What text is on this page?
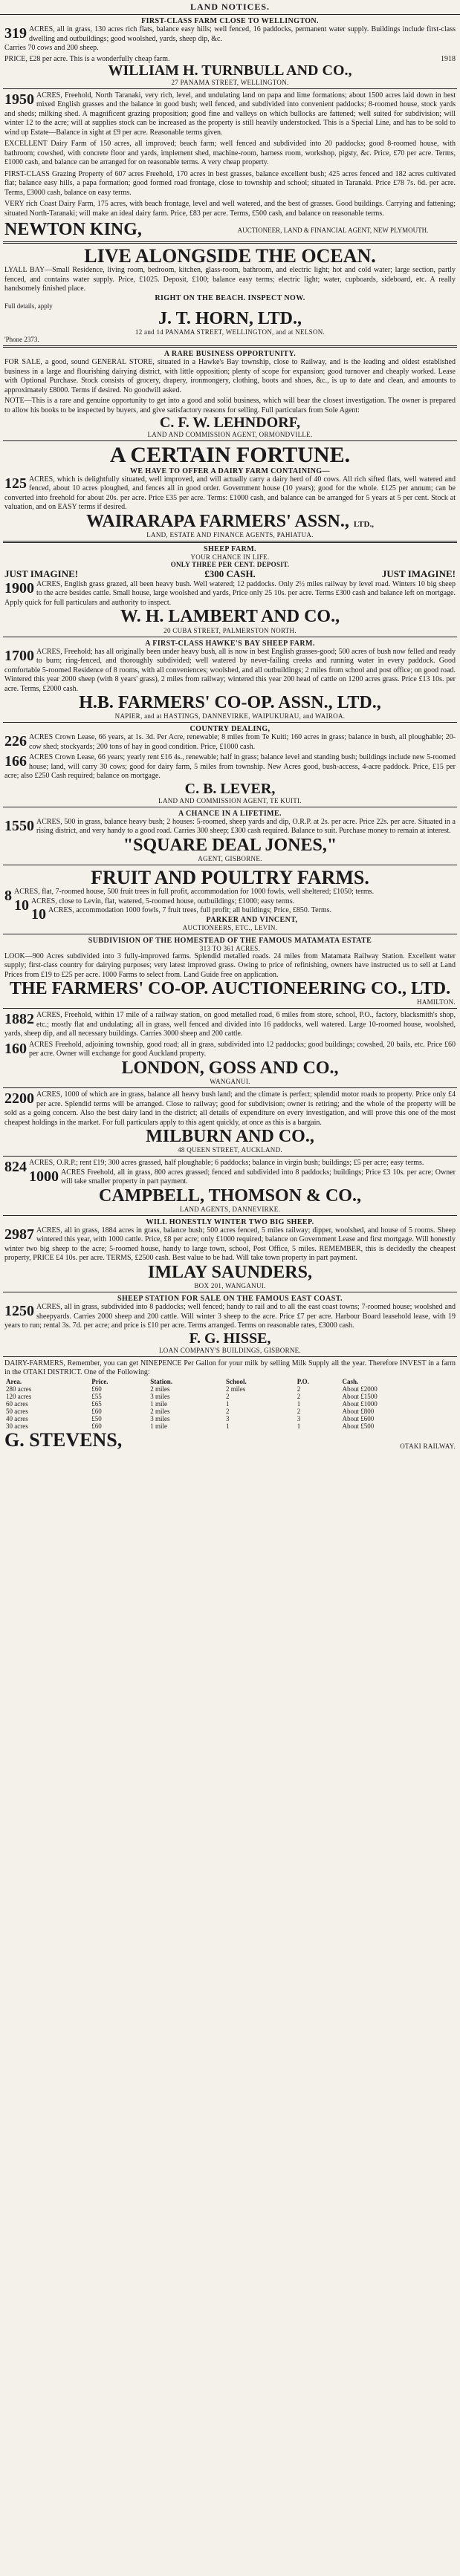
LAND NOTICES.
FIRST-CLASS FARM CLOSE TO WELLINGTON.
319 ACRES, all in grass, 130 acres rich flats, balance easy hills; well fenced, 16 paddocks, permanent water supply. Buildings include first-class dwelling and outbuildings; good woolshed, yards, sheep dip, &c.
Carries 70 cows and 200 sheep.
PRICE, £28 per acre. This is a wonderfully cheap farm.	1918
WILLIAM H. TURNBULL AND CO.,
27 PANAMA STREET, WELLINGTON.
1950 ACRES, Freehold, North Taranaki, very rich, level, and undulating land on papa and lime formations; about 1500 acres laid down in best mixed English grasses and the balance in good bush; well fenced, and subdivided into convenient paddocks; 8-roomed house, stock yards and sheds; milking shed. A magnificent grazing proposition; good fine and valleys on which bullocks are fattened; well suited for subdivision; will winter 12 to the acre; will at supplies stock can be increased as the property is still heavily understocked. This is a Special Line, and has to be sold to wind up Estate—Balance in sight at £9 per acre. Reasonable terms given.
EXCELLENT Dairy Farm of 150 acres, all improved; beach farm; well fenced and subdivided into 20 paddocks; good 8-roomed house, with bathroom; cowshed, with concrete floor and yards, implement shed, machine-room, harness room, workshop, pigsty, &c. Price, £70 per acre. Terms, £1000 cash, and balance can be arranged for on reasonable terms. A very cheap property.
FIRST-CLASS Grazing Property of 607 acres Freehold, 170 acres in best grasses, balance excellent bush; 425 acres fenced and 182 acres cultivated flat; balance easy hills, a papa formation; good formed road frontage, close to township and school; situated in Taranaki. Price £78 7s. 6d. per acre. Terms, £3000 cash, balance on easy terms.
VERY rich Coast Dairy Farm, 175 acres, with beach frontage, level and well watered, and the best of grasses. Good buildings. Carrying and fattening; situated North-Taranaki; will make an ideal dairy farm. Price, £83 per acre. Terms, £500 cash, and balance on reasonable terms.
NEWTON KING,	AUCTIONEER, LAND & FINANCIAL AGENT, NEW PLYMOUTH.
LIVE ALONGSIDE THE OCEAN.
LYALL BAY—Small Residence, living room, bedroom, kitchen, glass-room, bathroom, and electric light; hot and cold water; large section, partly fenced, and contains water supply. Price, £1025. Deposit, £100; balance easy terms; electric light; water, cupboards, sideboard, etc. A really handsomely finished place.
RIGHT ON THE BEACH. INSPECT NOW.
Full details, apply
J. T. HORN, LTD.,
12 and 14 PANAMA STREET, WELLINGTON, and at NELSON.
'Phone 2373.
A RARE BUSINESS OPPORTUNITY.
FOR SALE, a good, sound GENERAL STORE, situated in a Hawke's Bay township, close to Railway, and is the leading and oldest established business in a large and flourishing dairying district, with little opposition; plenty of scope for expansion; good turnover and cheaply worked. Lease with Optional Purchase. Stock consists of grocery, drapery, ironmongery, clothing, boots and shoes, &c., is up to date and clean, and amounts to approximately £8000. Terms if desired. No goodwill asked.
NOTE—This is a rare and genuine opportunity to get into a good and solid business, which will bear the closest investigation. The owner is prepared to allow his books to be inspected by buyers, and give satisfactory reasons for selling. Full particulars from Sole Agent:
C. F. W. LEHNDORF,
LAND AND COMMISSION AGENT, ORMONDVILLE.
A CERTAIN FORTUNE.
WE HAVE TO OFFER A DAIRY FARM CONTAINING—
125 ACRES, which is delightfully situated, well improved, and will actually carry a dairy herd of 40 cows. All rich sifted flats, well watered and fenced, about 10 acres ploughed, and fences all in good order. Government house (10 years); good for the whole. £125 per annum; can be converted into freehold for about 20s. per acre. Price £35 per acre. Terms: £1000 cash, and balance can be arranged for 5 years at 5 per cent. Stock at valuation, and on EASY terms if desired.
WAIRARAPA FARMERS' ASSN., LTD.,
LAND, ESTATE AND FINANCE AGENTS, PAHIATUA.
SHEEP FARM.
YOUR CHANCE IN LIFE.
ONLY THREE PER CENT. DEPOSIT.
JUST IMAGINE!	£300 CASH.	JUST IMAGINE!
1900 ACRES, English grass grazed, all been heavy bush. Well watered; 12 paddocks. Only 2½ miles railway by level road. Winters 10 big sheep to the acre besides cattle. Small house, large woolshed and yards, Price only 25 10s. per acre. Terms £300 cash and balance left on mortgage. Apply quick for full particulars and authority to inspect.
W. H. LAMBERT AND CO.,
20 CUBA STREET, PALMERSTON NORTH.
A FIRST-CLASS HAWKE'S BAY SHEEP FARM.
1700 ACRES, Freehold; has all originally been under heavy bush, all is now in best English grasses-good; 500 acres of bush now felled and ready to burn; ring-fenced, and thoroughly subdivided; well watered by never-failing creeks and running water in every paddock. Good comfortable 5-roomed Residence of 8 rooms, with all conveniences; woolshed, and all outbuildings; 2 miles from school and post office; on good road. Wintered this year 2000 sheep (with 8 years' grass), 2 miles from railway; wintered this year 200 head of cattle on 1200 acres grass. Price £13 10s. per acre. Terms, £2000 cash.
H.B. FARMERS' CO-OP. ASSN., LTD.,
NAPIER, and at HASTINGS, DANNEVIRKE, WAIPUKURAU, and WAIROA.
COUNTRY DEALING,
226 ACRES Crown Lease, 66 years, at 1s. 3d. Per Acre, renewable; 8 miles from Te Kuiti; 160 acres in grass; balance in bush, all ploughable; 20-cow shed; stockyards; 200 tons of hay in good condition. Price, £1000 cash.
166 ACRES Crown Lease, 66 years; yearly rent £16 4s., renewable; half in grass; balance level and standing bush; buildings include new 5-roomed house; land, will carry 30 cows; good for dairy farm, 5 miles from township. New Acres good, bush-access, 4-acre paddock. Price, £15 per acre; also £250 Cash required; balance on mortgage.
C. B. LEVER,
LAND AND COMMISSION AGENT, TE KUITI.
A CHANCE IN A LIFETIME.
1550 ACRES, 500 in grass, balance heavy bush; 2 houses: 5-roomed, sheep yards and dip, O.R.P. at 2s. per acre. Price 22s. per acre. Situated in a rising district, and very handy to a good road. Carries 300 sheep; £300 cash required. Balance to suit. Purchase money to remain at interest.
"SQUARE DEAL JONES,"
AGENT, GISBORNE.
FRUIT AND POULTRY FARMS.
8 ACRES, flat, 7-roomed house, 500 fruit trees in full profit, accommodation for 1000 fowls, well sheltered; £1050; terms.
10 ACRES, close to Levin, flat, watered, 5-roomed house, outbuildings; £1000; easy terms.
10 ACRES, accommodation 1000 fowls, 7 fruit trees, full profit; all buildings; Price, £850. Terms.
PARKER AND VINCENT,
AUCTIONEERS, ETC., LEVIN.
SUBDIVISION OF THE HOMESTEAD OF THE FAMOUS MATAMATA ESTATE
313 TO 361 ACRES.
LOOK—900 Acres subdivided into 3 fully-improved farms. Splendid metalled roads. 24 miles from Matamata Railway Station. Excellent water supply; first-class country for dairying purposes; very latest improved grass. Owing to price of refinishing, owners have instructed us to sell at Land Prices from £19 to £25 per acre. 1000 Farms to select from. Land Guide free on application.
THE FARMERS' CO-OP. AUCTIONEERING CO., LTD.
HAMILTON.
1882 ACRES, Freehold, within 17 mile of a railway station, on good metalled road, 6 miles from store, school, P.O., factory, blacksmith's shop, etc.; mostly flat and undulating; all in grass, well fenced and divided into 16 paddocks, well watered. Large 10-roomed house, woolshed, yards, sheep dip, and all necessary buildings. Carries 3000 sheep and 200 cattle.
160 ACRES Freehold, adjoining township, good road; all in grass, subdivided into 12 paddocks; good buildings; cowshed, 20 bails, etc. Price £60 per acre. Owner will exchange for good Auckland property.
LONDON, GOSS AND CO.,
WANGANUI.
2200 ACRES, 1000 of which are in grass, balance all heavy bush land; and the climate is perfect; splendid motor roads to property. Price only £4 per acre. Splendid terms will be arranged. Close to railway; good for subdivision; owner is retiring; and the whole of the property will be sold as a going concern. Also the best dairy land in the district; all details of expenditure on every investigation, and will prove this one of the most cheapest holdings in the market. For full particulars apply to this agent quickly, at once as this is a bargain.
MILBURN AND CO.,
48 QUEEN STREET, AUCKLAND.
824 ACRES, O.R.P.; rent £19; 300 acres grassed, half ploughable; 6 paddocks; balance in virgin bush; buildings; £5 per acre; easy terms.
1000 ACRES Freehold, all in grass, 800 acres grassed; fenced and subdivided into 8 paddocks; buildings; Price £3 10s. per acre; Owner will take smaller property in part payment.
CAMPBELL, THOMSON & CO.,
LAND AGENTS, DANNEVIRKE.
WILL HONESTLY WINTER TWO BIG SHEEP.
2987 ACRES, all in grass, 1884 acres in grass, balance bush; 500 acres fenced, 5 miles railway; dipper, woolshed, and house of 5 rooms. Sheep wintered this year, with 1000 cattle. Price, £8 per acre; only £1000 required; balance on Government Lease and first mortgage. Will honestly winter two big sheep to the acre; 5-roomed house, handy to large town, school, Post Office, 5 miles. REMEMBER, this is decidedly the cheapest property, PRICE £4 10s. per acre. TERMS, £2500 cash. Best value to be had. Will take town property in part payment.
IMLAY SAUNDERS,
BOX 201, WANGANUI.
SHEEP STATION FOR SALE ON THE FAMOUS EAST COAST.
1250 ACRES, all in grass, subdivided into 8 paddocks; well fenced; handy to rail and to all the east coast towns; 7-roomed house; woolshed and sheepyards. Carries 2000 sheep and 200 cattle. Will winter 3 sheep to the acre. Price £7 per acre. Harbour Board leasehold lease, with 19 years to run; rental 3s. 7d. per acre; and price is £10 per acre. Terms arranged. Terms on reasonable rates, £3000 cash.
F. G. HISSE,
LOAN COMPANY'S BUILDINGS, GISBORNE.
DAIRY-FARMERS, Remember, you can get NINEPENCE Per Gallon for your milk by selling Milk Supply all the year. Therefore INVEST in a farm in the OTAKI DISTRICT. One of the Following:
Area.	Price.	Station.	School.	P.O.	Cash.
280 acres	£60	2 miles	2 miles	2	About £2000
120 acres	£55	3 miles	2	2	About £1500
60 acres	£65	1 mile	1	1	About £1000
50 acres	£60	2 miles	2	2	About £800
40 acres	£50	3 miles	3	3	About £600
30 acres	£60	1 mile	1	1	About £500
G. STEVENS,	OTAKI RAILWAY.
